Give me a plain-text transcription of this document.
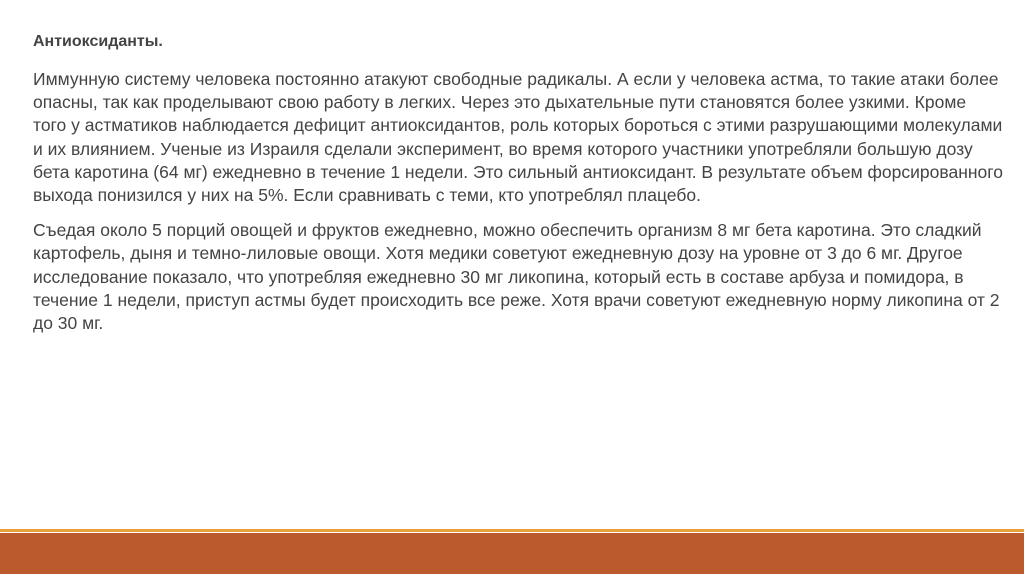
Антиоксиданты.

Иммунную систему человека постоянно атакуют свободные радикалы. А если у человека астма, то такие атаки более опасны, так как проделывают свою работу в легких. Через это дыхательные пути становятся более узкими. Кроме того у астматиков наблюдается дефицит антиоксидантов, роль которых бороться с этими разрушающими молекулами и их влиянием. Ученые из Израиля сделали эксперимент, во время которого участники употребляли большую дозу бета каротина (64 мг) ежедневно в течение 1 недели. Это сильный антиоксидант. В результате объем форсированного выхода понизился у них на 5%. Если сравнивать с теми, кто употреблял плацебо.

Съедая около 5 порций овощей и фруктов ежедневно, можно обеспечить организм 8 мг бета каротина. Это сладкий картофель, дыня и темно-лиловые овощи. Хотя медики советуют ежедневную дозу на уровне от 3 до 6 мг. Другое исследование показало, что употребляя ежедневно 30 мг ликопина, который есть в составе арбуза и помидора, в течение 1 недели, приступ астмы будет происходить все реже. Хотя врачи советуют ежедневную норму ликопина от 2 до 30 мг.
